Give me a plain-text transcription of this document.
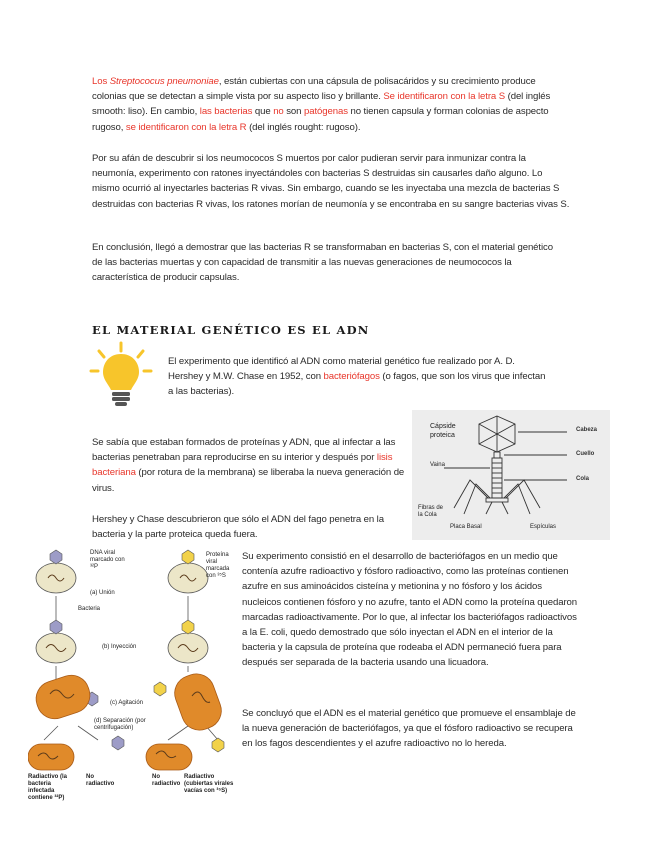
Los Streptococus pneumoniae, están cubiertas con una cápsula de polisacáridos y su crecimiento produce colonias que se detectan a simple vista por su aspecto liso y brillante. Se identificaron con la letra S (del inglés smooth: liso). En cambio, las bacterias que no son patógenas no tienen capsula y forman colonias de aspecto rugoso, se identificaron con la letra R (del inglés rought: rugoso).

Por su afán de descubrir si los neumococos S muertos por calor pudieran servir para inmunizar contra la neumonía, experimento con ratones inyectándoles con bacterias S destruidas sin causarles daño alguno. Lo mismo ocurrió al inyectarles bacterias R vivas. Sin embargo, cuando se les inyectaba una mezcla de bacterias S destruidas con bacterias R vivas, los ratones morían de neumonía y se encontraba en su sangre bacterias vivas S.

En conclusión, llegó a demostrar que las bacterias R se transformaban en bacterias S, con el material genético de las bacterias muertas y con capacidad de transmitir a las nuevas generaciones de neumococos la característica de producir capsulas.

EL MATERIAL GENÉTICO ES EL ADN

El experimento que identificó al ADN como material genético fue realizado por A. D. Hershey y M.W. Chase en 1952, con bacteriófagos (o fagos, que son los virus que infectan a las bacterias).

Se sabía que estaban formados de proteínas y ADN, que al infectar a las bacterias penetraban para reproducirse en su interior y después por lisis bacteriana (por rotura de la membrana) se liberaba la nueva generación de virus.

Hershey y Chase descubrieron que sólo el ADN del fago penetra en la bacteria y la parte proteica queda fuera.

Cápside proteica
Cabeza
Cuello
Cola
Vaina
Fibras de la Cola
Placa Basal	Espículas
DNA viral marcado con ³²P
Proteína viral marcada con ³⁵S
(a) Unión
Bacteria
(b) Inyección
(c) Agitación
(d) Separación (por centrifugación)
Radiactivo (la bacteria infectada contiene ³²P)
No radiactivo
No radiactivo
Radiactivo (cubiertas virales vacías con ³⁵S)

Su experimento consistió en el desarrollo de bacteriófagos en un medio que contenía azufre radioactivo y fósforo radioactivo, como las proteínas contienen azufre en sus aminoácidos cisteína y metionina y no fósforo y los ácidos nucleicos contienen fósforo y no azufre, tanto el ADN como la proteína quedaron marcadas radioactivamente. Por lo que, al infectar los bacteriófagos radioactivos a la E. coli, quedo demostrado que sólo inyectan el ADN en el interior de la bacteria y la capsula de proteína que rodeaba el ADN permaneció fuera para después ser separada de la bacteria usando una licuadora.

Se concluyó que el ADN es el material genético que promueve el ensamblaje de la nueva generación de bacteriófagos, ya que el fósforo radioactivo se recupera en los fagos descendientes y el azufre radioactivo no lo hereda.
